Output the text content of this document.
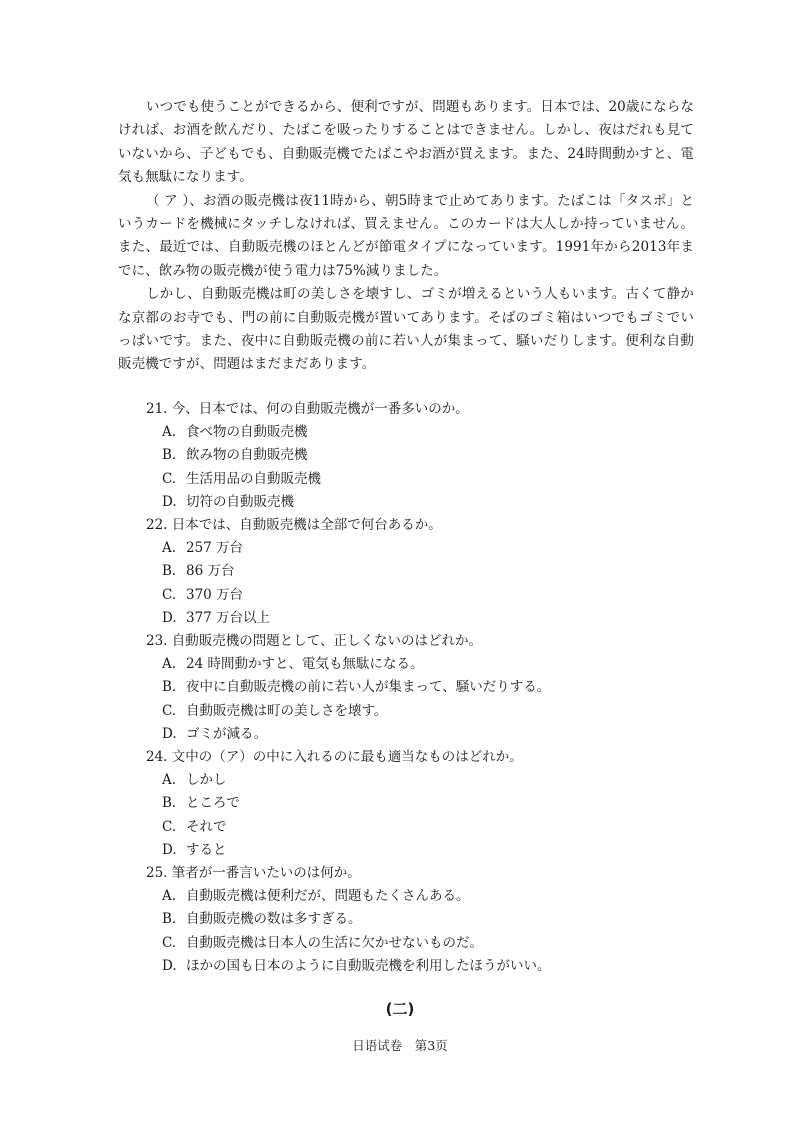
いつでも使うことができるから、便利ですが、問題もあります。日本では、20歳にならなければ、お酒を飲んだり、たばこを吸ったりすることはできません。しかし、夜はだれも見ていないから、子どもでも、自動販売機でたばこやお酒が買えます。また、24時間動かすと、電気も無駄になります。

（ ア ）、お酒の販売機は夜11時から、朝5時まで止めてあります。たばこは「タスポ」というカードを機械にタッチしなければ、買えません。このカードは大人しか持っていません。また、最近では、自動販売機のほとんどが節電タイプになっています。1991年から2013年までに、飲み物の販売機が使う電力は75%減りました。

しかし、自動販売機は町の美しさを壊すし、ゴミが増えるという人もいます。古くて静かな京都のお寺でも、門の前に自動販売機が置いてあります。そばのゴミ箱はいつでもゴミでいっぱいです。また、夜中に自動販売機の前に若い人が集まって、騒いだりします。便利な自動販売機ですが、問題はまだまだあります。

21. 今、日本では、何の自動販売機が一番多いのか。
A. 食べ物の自動販売機
B. 飲み物の自動販売機
C. 生活用品の自動販売機
D. 切符の自動販売機
22. 日本では、自動販売機は全部で何台あるか。
A. 257 万台
B. 86 万台
C. 370 万台
D. 377 万台以上
23. 自動販売機の問題として、正しくないのはどれか。
A. 24 時間動かすと、電気も無駄になる。
B. 夜中に自動販売機の前に若い人が集まって、騒いだりする。
C. 自動販売機は町の美しさを壊す。
D. ゴミが減る。
24. 文中の（ア）の中に入れるのに最も適当なものはどれか。
A. しかし
B. ところで
C. それで
D. すると
25. 筆者が一番言いたいのは何か。
A. 自動販売機は便利だが、問題もたくさんある。
B. 自動販売機の数は多すぎる。
C. 自動販売機は日本人の生活に欠かせないものだ。
D. ほかの国も日本のように自動販売機を利用したほうがいい。
(二)
日语试卷　第3页
